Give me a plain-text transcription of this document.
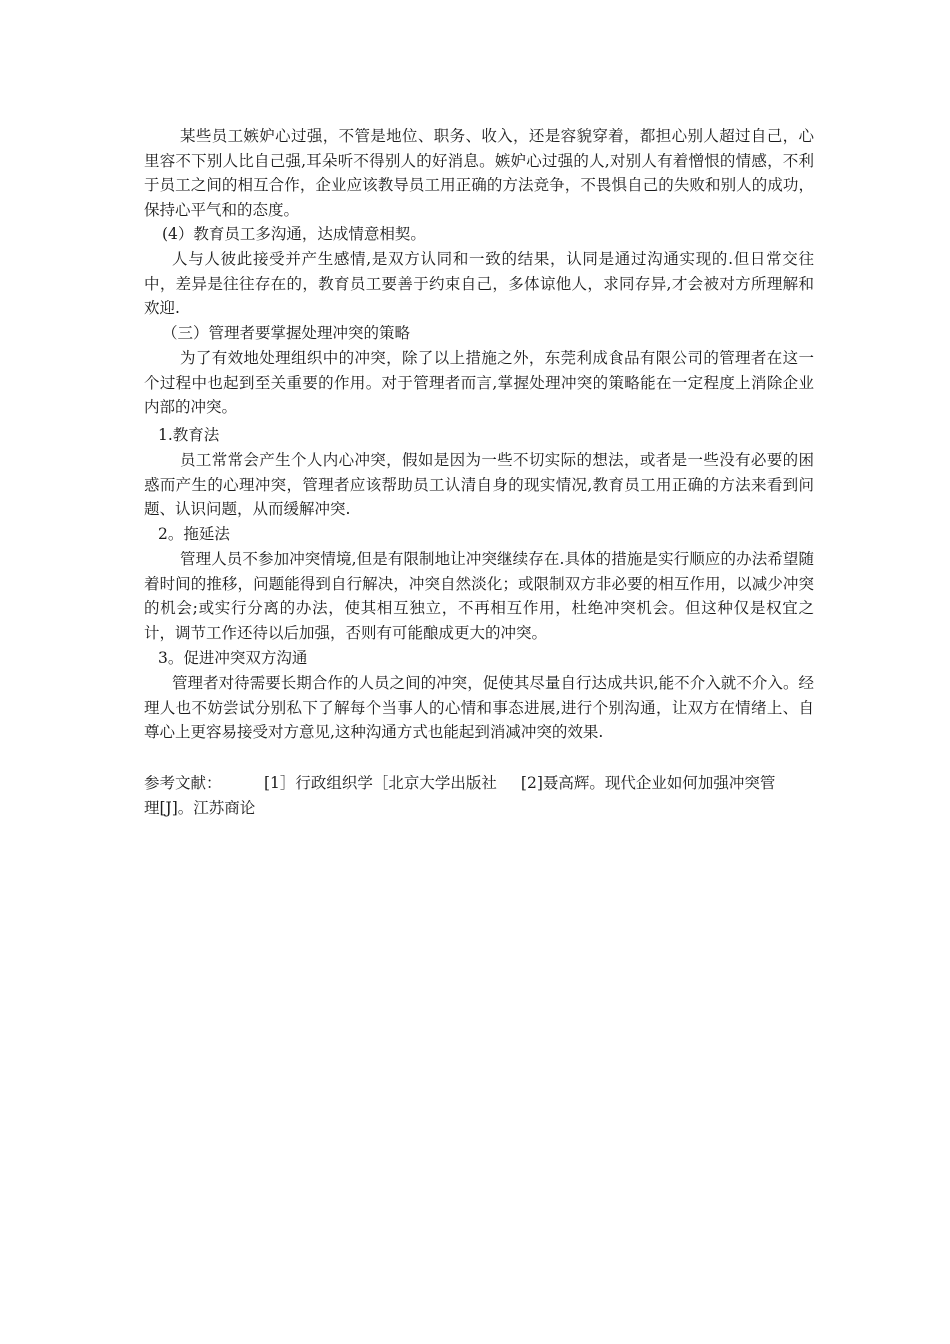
某些员工嫉妒心过强，不管是地位、职务、收入，还是容貌穿着，都担心别人超过自己，心里容不下别人比自己强,耳朵听不得别人的好消息。嫉妒心过强的人,对别人有着憎恨的情感，不利于员工之间的相互合作，企业应该教导员工用正确的方法竞争，不畏惧自己的失败和别人的成功，保持心平气和的态度。

(4）教育员工多沟通，达成情意相契。

人与人彼此接受并产生感情,是双方认同和一致的结果，认同是通过沟通实现的.但日常交往中，差异是往往存在的，教育员工要善于约束自己，多体谅他人，求同存异,才会被对方所理解和欢迎.

（三）管理者要掌握处理冲突的策略

为了有效地处理组织中的冲突，除了以上措施之外，东莞利成食品有限公司的管理者在这一个过程中也起到至关重要的作用。对于管理者而言,掌握处理冲突的策略能在一定程度上消除企业内部的冲突。

1.教育法

员工常常会产生个人内心冲突，假如是因为一些不切实际的想法，或者是一些没有必要的困惑而产生的心理冲突，管理者应该帮助员工认清自身的现实情况,教育员工用正确的方法来看到问题、认识问题，从而缓解冲突.

2。拖延法

管理人员不参加冲突情境,但是有限制地让冲突继续存在.具体的措施是实行顺应的办法希望随着时间的推移，问题能得到自行解决，冲突自然淡化；或限制双方非必要的相互作用，以减少冲突的机会;或实行分离的办法，使其相互独立，不再相互作用，杜绝冲突机会。但这种仅是权宜之计，调节工作还待以后加强，否则有可能酿成更大的冲突。

3。促进冲突双方沟通

管理者对待需要长期合作的人员之间的冲突，促使其尽量自行达成共识,能不介入就不介入。经理人也不妨尝试分别私下了解每个当事人的心情和事态进展,进行个别沟通，让双方在情绪上、自尊心上更容易接受对方意见,这种沟通方式也能起到消减冲突的效果.

参考文献：	[1］行政组织学［北京大学出版社 [2]聂高辉。现代企业如何加强冲突管
理[J]。江苏商论
